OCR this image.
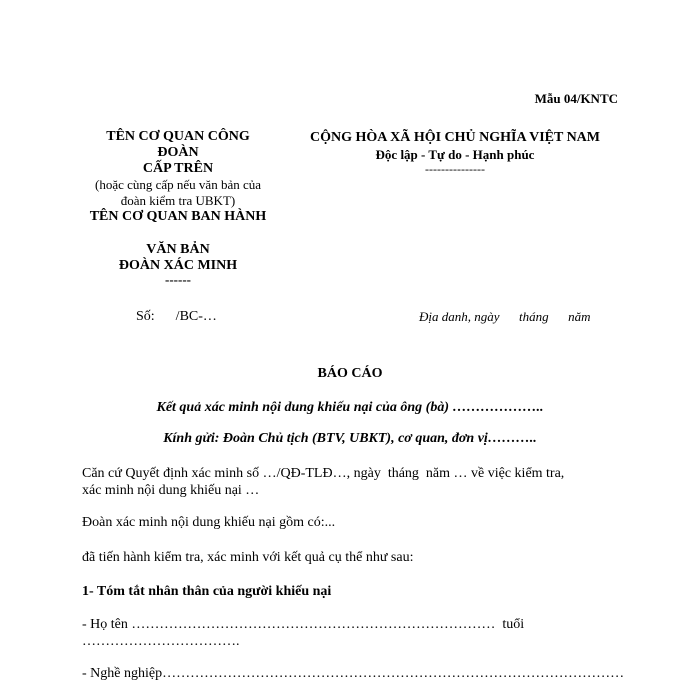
Mẫu 04/KNTC
TÊN CƠ QUAN CÔNG
ĐOÀN
CẤP TRÊN
(hoặc cùng cấp nếu văn bản của
đoàn kiểm tra UBKT)
TÊN CƠ QUAN BAN HÀNH
VĂN BẢN
ĐOÀN XÁC MINH
------
CỘNG HÒA XÃ HỘI CHỦ NGHĨA VIỆT NAM
Độc lập - Tự do - Hạnh phúc
---------------
Số:      /BC-…	Địa danh, ngày      tháng      năm
BÁO CÁO
Kết quả xác minh nội dung khiếu nại của ông (bà) ………………..
Kính gửi: Đoàn Chủ tịch (BTV, UBKT), cơ quan, đơn vị………..
Căn cứ Quyết định xác minh số …/QĐ-TLĐ…, ngày  tháng  năm … về việc kiểm tra,
xác minh nội dung khiếu nại …
Đoàn xác minh nội dung khiếu nại gồm có:...
đã tiến hành kiểm tra, xác minh với kết quả cụ thể như sau:
1- Tóm tắt nhân thân của người khiếu nại
- Họ tên ……………………………………………………………………  tuổi
…………………………….
- Nghề nghiệp………………………………………………………………………………………
